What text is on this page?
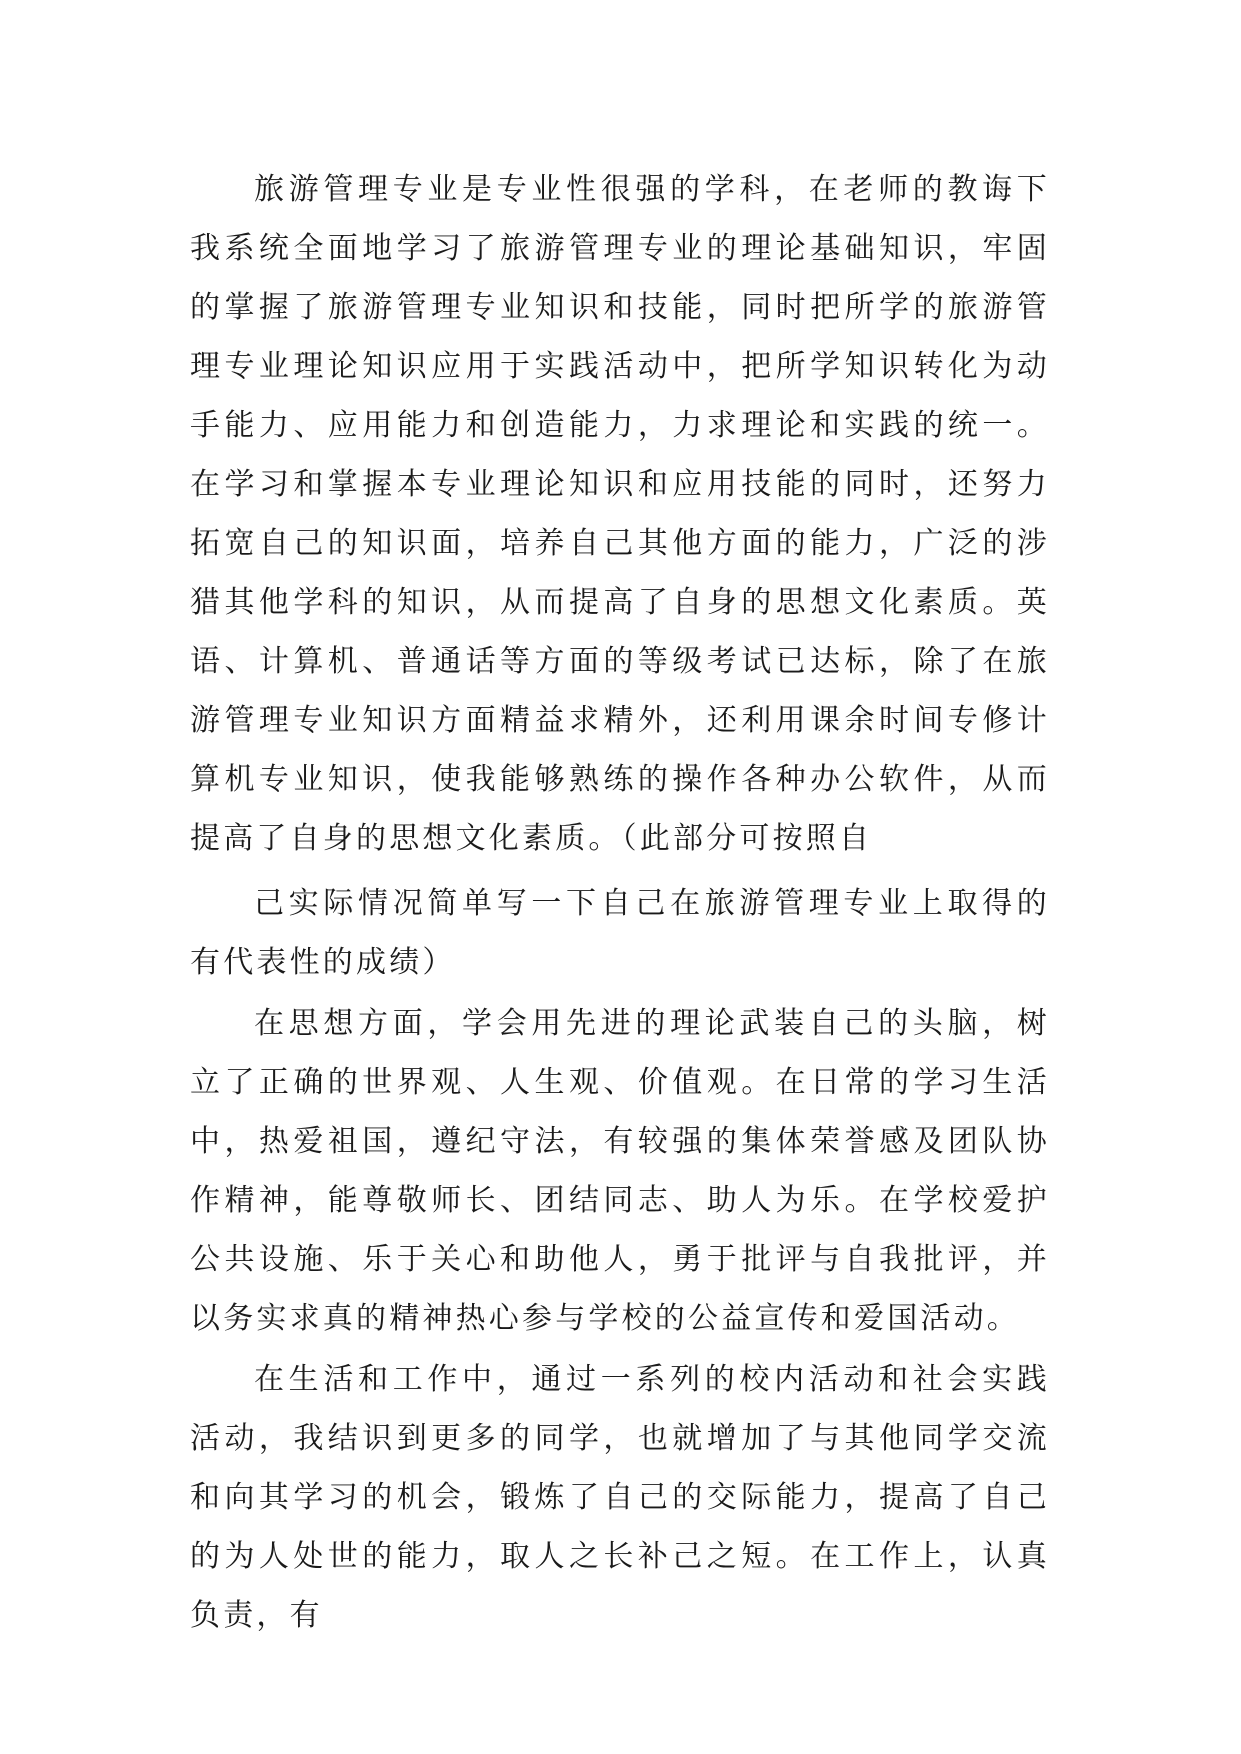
旅游管理专业是专业性很强的学科，在老师的教诲下我系统全面地学习了旅游管理专业的理论基础知识，牢固的掌握了旅游管理专业知识和技能，同时把所学的旅游管理专业理论知识应用于实践活动中，把所学知识转化为动手能力、应用能力和创造能力，力求理论和实践的统一。在学习和掌握本专业理论知识和应用技能的同时，还努力拓宽自己的知识面，培养自己其他方面的能力，广泛的涉猎其他学科的知识，从而提高了自身的思想文化素质。英语、计算机、普通话等方面的等级考试已达标，除了在旅游管理专业知识方面精益求精外，还利用课余时间专修计算机专业知识，使我能够熟练的操作各种办公软件，从而提高了自身的思想文化素质。（此部分可按照自

己实际情况简单写一下自己在旅游管理专业上取得的有代表性的成绩）

在思想方面，学会用先进的理论武装自己的头脑，树立了正确的世界观、人生观、价值观。在日常的学习生活中，热爱祖国，遵纪守法，有较强的集体荣誉感及团队协作精神，能尊敬师长、团结同志、助人为乐。在学校爱护公共设施、乐于关心和助他人，勇于批评与自我批评，并以务实求真的精神热心参与学校的公益宣传和爱国活动。

在生活和工作中，通过一系列的校内活动和社会实践活动，我结识到更多的同学，也就增加了与其他同学交流和向其学习的机会，锻炼了自己的交际能力，提高了自己的为人处世的能力，取人之长补己之短。在工作上，认真负责，有
